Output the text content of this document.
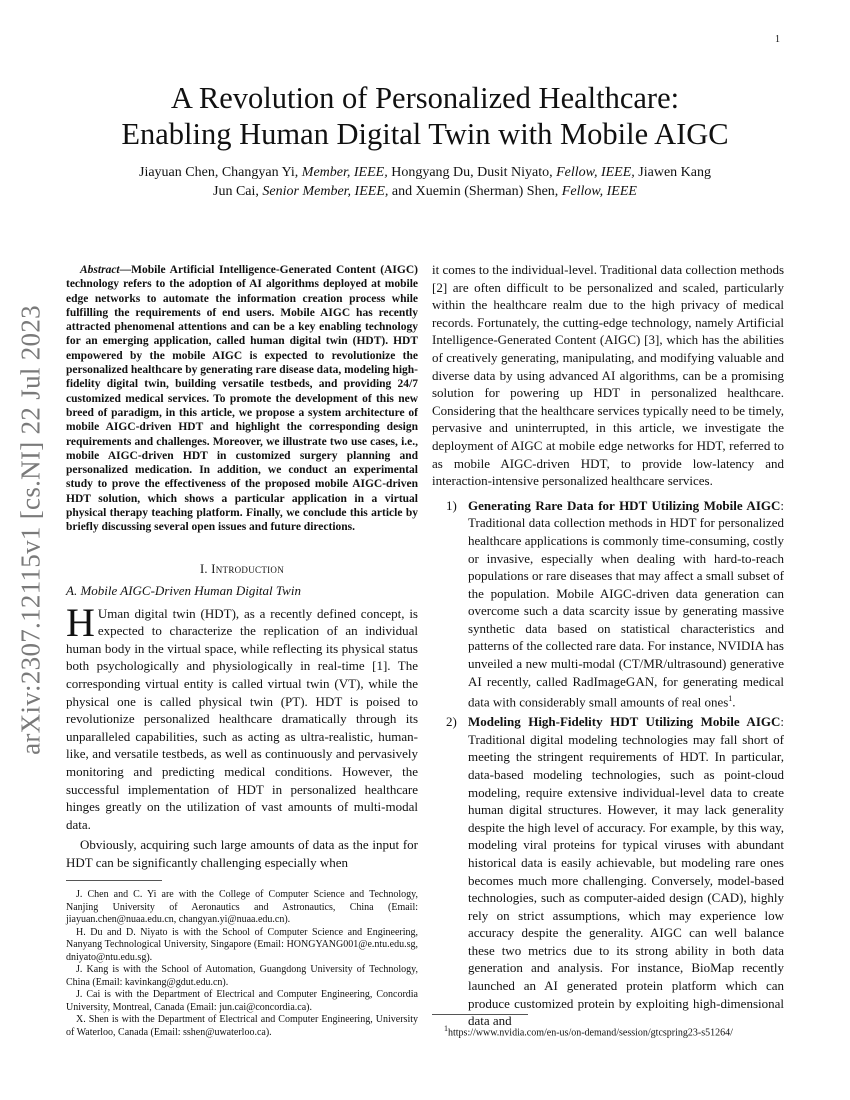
1
arXiv:2307.12115v1 [cs.NI] 22 Jul 2023
A Revolution of Personalized Healthcare:
Enabling Human Digital Twin with Mobile AIGC
Jiayuan Chen, Changyan Yi, Member, IEEE, Hongyang Du, Dusit Niyato, Fellow, IEEE, Jiawen Kang
Jun Cai, Senior Member, IEEE, and Xuemin (Sherman) Shen, Fellow, IEEE

Abstract—Mobile Artificial Intelligence-Generated Content (AIGC) technology refers to the adoption of AI algorithms deployed at mobile edge networks to automate the information creation process while fulfilling the requirements of end users. Mobile AIGC has recently attracted phenomenal attentions and can be a key enabling technology for an emerging application, called human digital twin (HDT). HDT empowered by the mobile AIGC is expected to revolutionize the personalized healthcare by generating rare disease data, modeling high-fidelity digital twin, building versatile testbeds, and providing 24/7 customized medical services. To promote the development of this new breed of paradigm, in this article, we propose a system architecture of mobile AIGC-driven HDT and highlight the corresponding design requirements and challenges. Moreover, we illustrate two use cases, i.e., mobile AIGC-driven HDT in customized surgery planning and personalized medication. In addition, we conduct an experimental study to prove the effectiveness of the proposed mobile AIGC-driven HDT solution, which shows a particular application in a virtual physical therapy teaching platform. Finally, we conclude this article by briefly discussing several open issues and future directions.

I. Introduction
A. Mobile AIGC-Driven Human Digital Twin

H Uman digital twin (HDT), as a recently defined concept, is expected to characterize the replication of an individual human body in the virtual space, while reflecting its physical status both psychologically and physiologically in real-time [1]. The corresponding virtual entity is called virtual twin (VT), while the physical one is called physical twin (PT). HDT is poised to revolutionize personalized healthcare dramatically through its unparalleled capabilities, such as acting as ultra-realistic, human-like, and versatile testbeds, as well as continuously and pervasively monitoring and predicting medical conditions. However, the successful implementation of HDT in personalized healthcare hinges greatly on the utilization of vast amounts of multi-modal data.

Obviously, acquiring such large amounts of data as the input for HDT can be significantly challenging especially when

J. Chen and C. Yi are with the College of Computer Science and Technology, Nanjing University of Aeronautics and Astronautics, China (Email: jiayuan.chen@nuaa.edu.cn, changyan.yi@nuaa.edu.cn).

H. Du and D. Niyato is with the School of Computer Science and Engineering, Nanyang Technological University, Singapore (Email: HONGYANG001@e.ntu.edu.sg, dniyato@ntu.edu.sg).

J. Kang is with the School of Automation, Guangdong University of Technology, China (Email: kavinkang@gdut.edu.cn).

J. Cai is with the Department of Electrical and Computer Engineering, Concordia University, Montreal, Canada (Email: jun.cai@concordia.ca).

X. Shen is with the Department of Electrical and Computer Engineering, University of Waterloo, Canada (Email: sshen@uwaterloo.ca).

it comes to the individual-level. Traditional data collection methods [2] are often difficult to be personalized and scaled, particularly within the healthcare realm due to the high privacy of medical records. Fortunately, the cutting-edge technology, namely Artificial Intelligence-Generated Content (AIGC) [3], which has the abilities of creatively generating, manipulating, and modifying valuable and diverse data by using advanced AI algorithms, can be a promising solution for powering up HDT in personalized healthcare. Considering that the healthcare services typically need to be timely, pervasive and uninterrupted, in this article, we investigate the deployment of AIGC at mobile edge networks for HDT, referred to as mobile AIGC-driven HDT, to provide low-latency and interaction-intensive personalized healthcare services.

1) Generating Rare Data for HDT Utilizing Mobile AIGC: Traditional data collection methods in HDT for personalized healthcare applications is commonly time-consuming, costly or invasive, especially when dealing with hard-to-reach populations or rare diseases that may affect a small subset of the population. Mobile AIGC-driven data generation can overcome such a data scarcity issue by generating massive synthetic data based on statistical characteristics and patterns of the collected rare data. For instance, NVIDIA has unveiled a new multi-modal (CT/MR/ultrasound) generative AI recently, called RadImageGAN, for generating medical data with considerably small amounts of real ones$^1$.
2) Modeling High-Fidelity HDT Utilizing Mobile AIGC: Traditional digital modeling technologies may fall short of meeting the stringent requirements of HDT. In particular, data-based modeling technologies, such as point-cloud modeling, require extensive individual-level data to create human digital structures. However, it may lack generality despite the high level of accuracy. For example, by this way, modeling viral proteins for typical viruses with abundant historical data is easily achievable, but modeling rare ones becomes much more challenging. Conversely, model-based technologies, such as computer-aided design (CAD), highly rely on strict assumptions, which may experience low accuracy despite the generality. AIGC can well balance these two metrics due to its strong ability in both data generation and analysis. For instance, BioMap recently launched an AI generated protein platform which can produce customized protein by exploiting high-dimensional data and
$^1$https://www.nvidia.com/en-us/on-demand/session/gtcspring23-s51264/
